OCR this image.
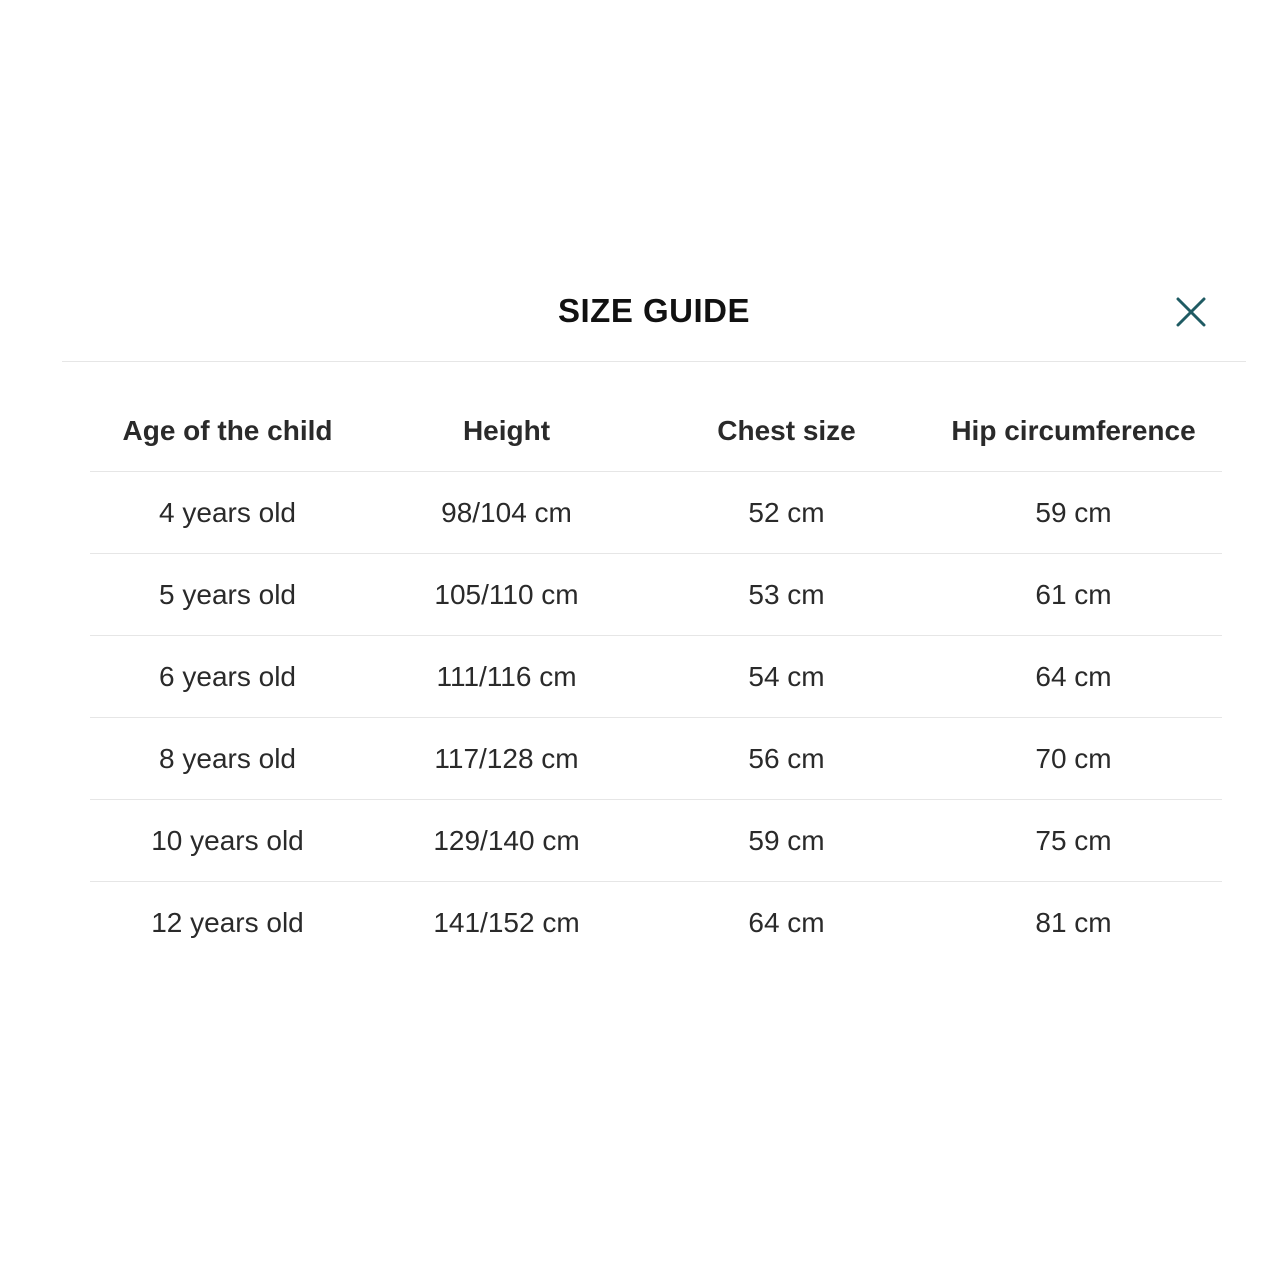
SIZE GUIDE
Age of the child	Height	Chest size	Hip circumference
4 years old	98/104 cm	52 cm	59 cm
5 years old	105/110 cm	53 cm	61 cm
6 years old	111/116 cm	54 cm	64 cm
8 years old	117/128 cm	56 cm	70 cm
10 years old	129/140 cm	59 cm	75 cm
12 years old	141/152 cm	64 cm	81 cm
